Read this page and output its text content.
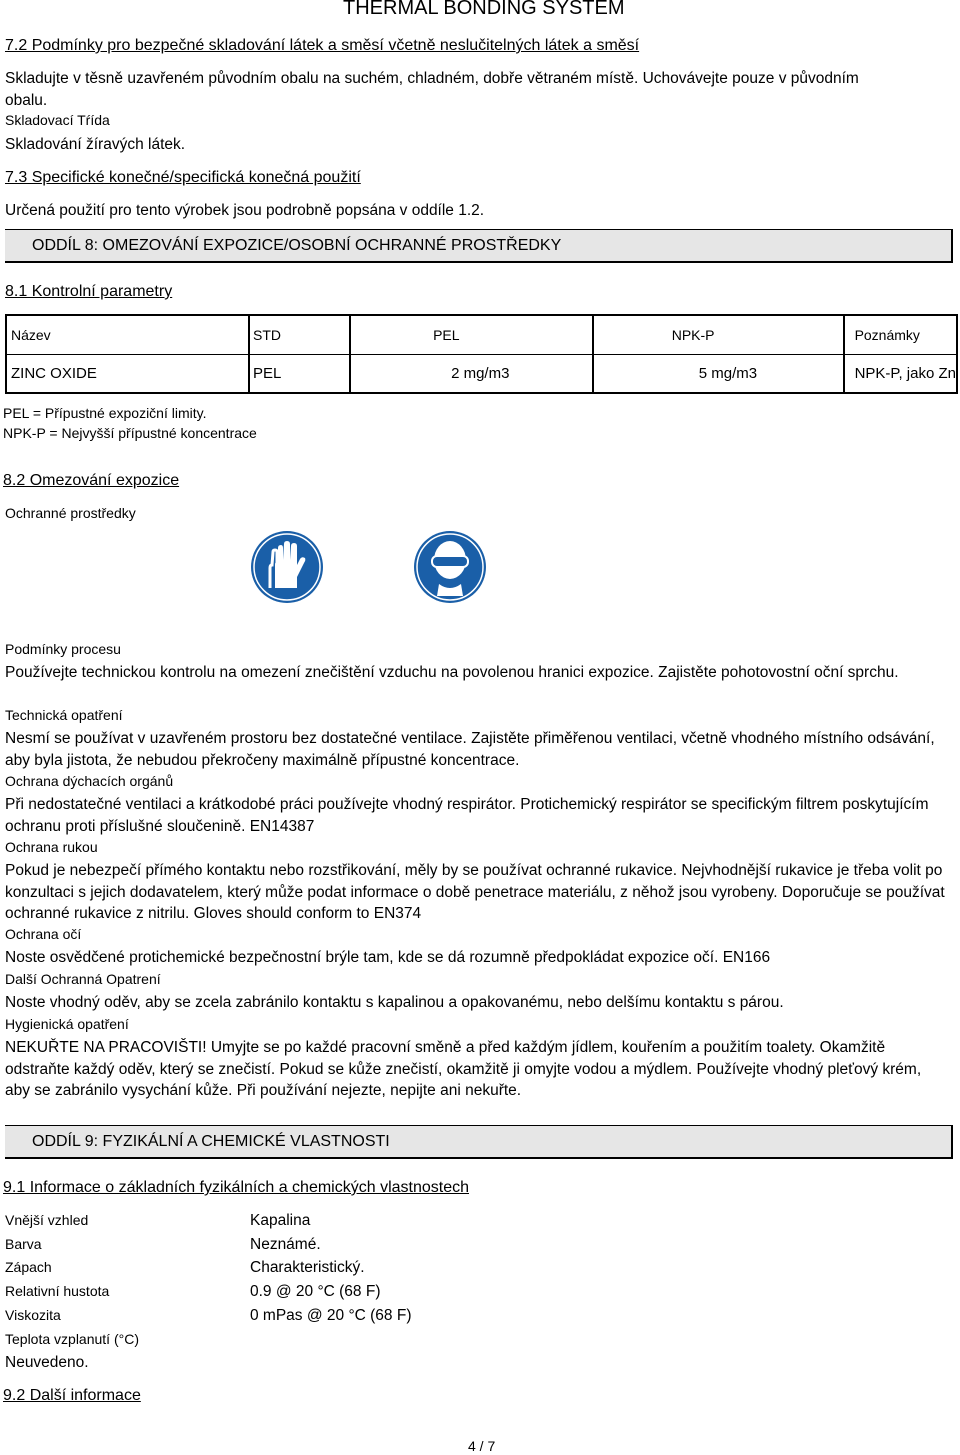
THERMAL BONDING SYSTEM
7.2 Podmínky pro bezpečné skladování látek a směsí včetně neslučitelných látek a směsí
Skladujte v těsně uzavřeném původním obalu na suchém, chladném, dobře větraném místě. Uchovávejte pouze v původním obalu.
Skladovací Tŕída
Skladování žíravých látek.
7.3 Specifické konečné/specifická konečná použití
Určená použití pro tento výrobek jsou podrobně popsána v oddíle 1.2.
ODDÍL 8: OMEZOVÁNÍ EXPOZICE/OSOBNÍ OCHRANNÉ PROSTŘEDKY
8.1 Kontrolní parametry
Název	STD	PEL	NPK-P	Poznámky
ZINC OXIDE	PEL	2 mg/m3	5 mg/m3	NPK-P, jako Zn
PEL = Přípustné expoziční limity.
NPK-P = Nejvyšší přípustné koncentrace
8.2 Omezování expozice
Ochranné prostředky
Podmínky procesu
Používejte technickou kontrolu na omezení znečištění vzduchu na povolenou hranici expozice. Zajistěte pohotovostní oční sprchu.
Technická opatření
Nesmí se používat v uzavřeném prostoru bez dostatečné ventilace. Zajistěte přiměřenou ventilaci, včetně vhodného místního odsávání, aby byla jistota, že nebudou překročeny maximálně přípustné koncentrace.
Ochrana dýchacích orgánů
Při nedostatečné ventilaci a krátkodobé práci používejte vhodný respirátor. Protichemický respirátor se specifickým filtrem poskytujícím ochranu proti příslušné sloučenině. EN14387
Ochrana rukou
Pokud je nebezpečí přímého kontaktu nebo rozstřikování, měly by se používat ochranné rukavice. Nejvhodnější rukavice je třeba volit po konzultaci s jejich dodavatelem, který může podat informace o době penetrace materiálu, z něhož jsou vyrobeny. Doporučuje se používat ochranné rukavice z nitrilu. Gloves should conform to EN374
Ochrana očí
Noste osvědčené protichemické bezpečnostní brýle tam, kde se dá rozumně předpokládat expozice očí. EN166
Další Ochranná Opatrení
Noste vhodný oděv, aby se zcela zabránilo kontaktu s kapalinou a opakovanému, nebo delšímu kontaktu s párou.
Hygienická opatření
NEKUŘTE NA PRACOVIŠTI! Umyjte se po každé pracovní směně a před každým jídlem, kouřením a použitím toalety. Okamžitě odstraňte každý oděv, který se znečistí. Pokud se kůže znečistí, okamžitě ji omyjte vodou a mýdlem. Používejte vhodný pleťový krém, aby se zabránilo vysychání kůže. Při používání nejezte, nepijte ani nekuřte.
ODDÍL 9: FYZIKÁLNÍ A CHEMICKÉ VLASTNOSTI
9.1 Informace o základních fyzikálních a chemických vlastnostech
Vnější vzhled	Kapalina
Barva	Neznámé.
Zápach	Charakteristický.
Relativní hustota	0.9 @ 20 °C (68 F)
Viskozita	0 mPas @ 20 °C (68 F)
Teplota vzplanutí (°C)
Neuvedeno.
9.2 Další informace
4 / 7
